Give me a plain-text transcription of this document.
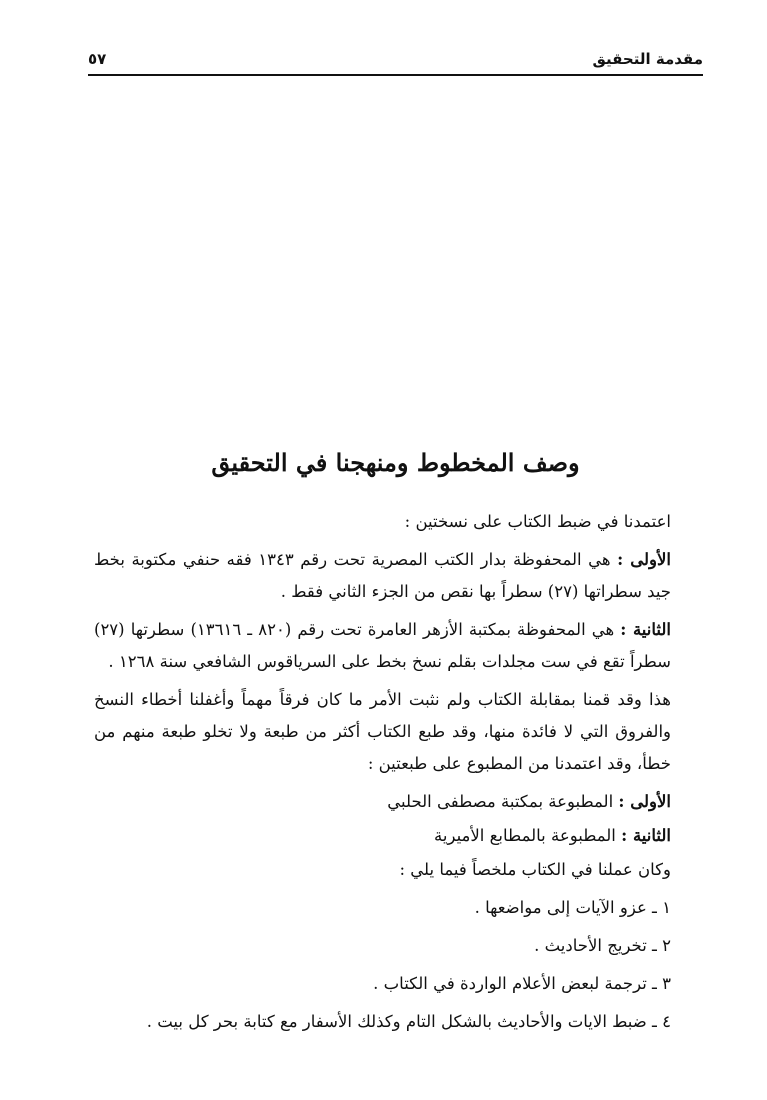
مقدمة التحقيق
٥٧
وصف المخطوط ومنهجنا في التحقيق

اعتمدنا في ضبط الكتاب على نسختين :

الأولى : هي المحفوظة بدار الكتب المصرية تحت رقم ١٣٤٣ فقه حنفي مكتوبة بخط جيد سطراتها (٢٧) سطراً بها نقص من الجزء الثاني فقط .

الثانية : هي المحفوظة بمكتبة الأزهر العامرة تحت رقم (٨٢٠ ـ ١٣٦١٦) سطرتها (٢٧) سطراً تقع في ست مجلدات بقلم نسخ بخط على السرياقوس الشافعي سنة ١٢٦٨ .

هذا وقد قمنا بمقابلة الكتاب ولم نثبت الأمر ما كان فرقاً مهماً وأغفلنا أخطاء النسخ والفروق التي لا فائدة منها، وقد طبع الكتاب أكثر من طبعة ولا تخلو طبعة منهم من خطأ، وقد اعتمدنا من المطبوع على طبعتين :

الأولى : المطبوعة بمكتبة مصطفى الحلبي

الثانية : المطبوعة بالمطابع الأميرية

وكان عملنا في الكتاب ملخصاً فيما يلي :

١ ـ عزو الآيات إلى مواضعها .

٢ ـ تخريج الأحاديث .

٣ ـ ترجمة لبعض الأعلام الواردة في الكتاب .

٤ ـ ضبط الايات والأحاديث بالشكل التام وكذلك الأسفار مع كتابة بحر كل بيت .
